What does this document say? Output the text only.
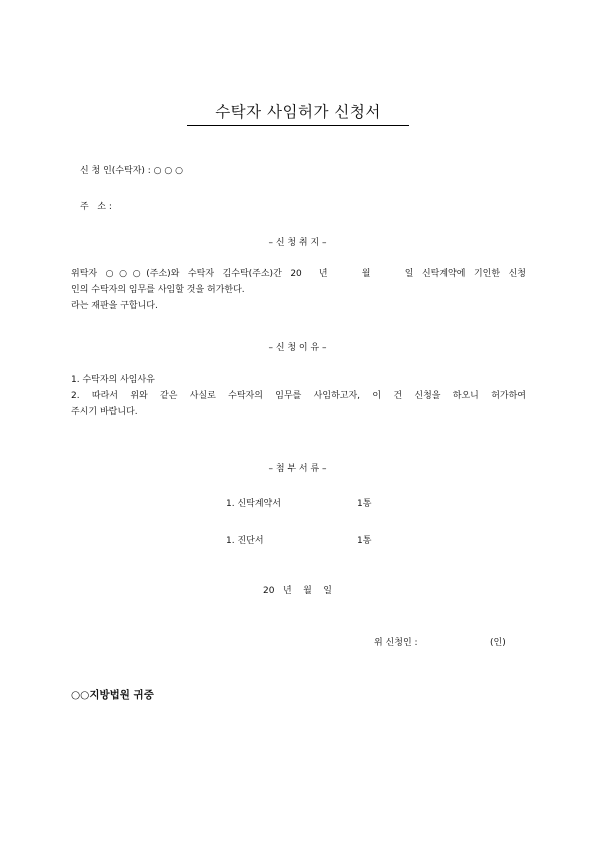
수탁자 사임허가 신청서
신 청 인(수탁자) : ○ ○ ○
주   소 :
– 신 청 취 지 –
위탁자 ○○○(주소)와 수탁자 김수탁(주소)간 20  년    월    일 신탁계약에 기인한 신청
인의 수탁자의 임무를 사임할 것을 허가한다.
라는 재판을 구합니다.
– 신 청 이 유 –
1. 수탁자의 사임사유
2. 따라서 위와 같은 사실로 수탁자의 임무를 사임하고자, 이 건 신청을 하오니 허가하여
주시기 바랍니다.
– 첨 부 서 류 –
1. 신탁계약서	1통
1. 진단서	1통
20   년    월    일
위 신청인 :	(인)
○○지방법원 귀중
